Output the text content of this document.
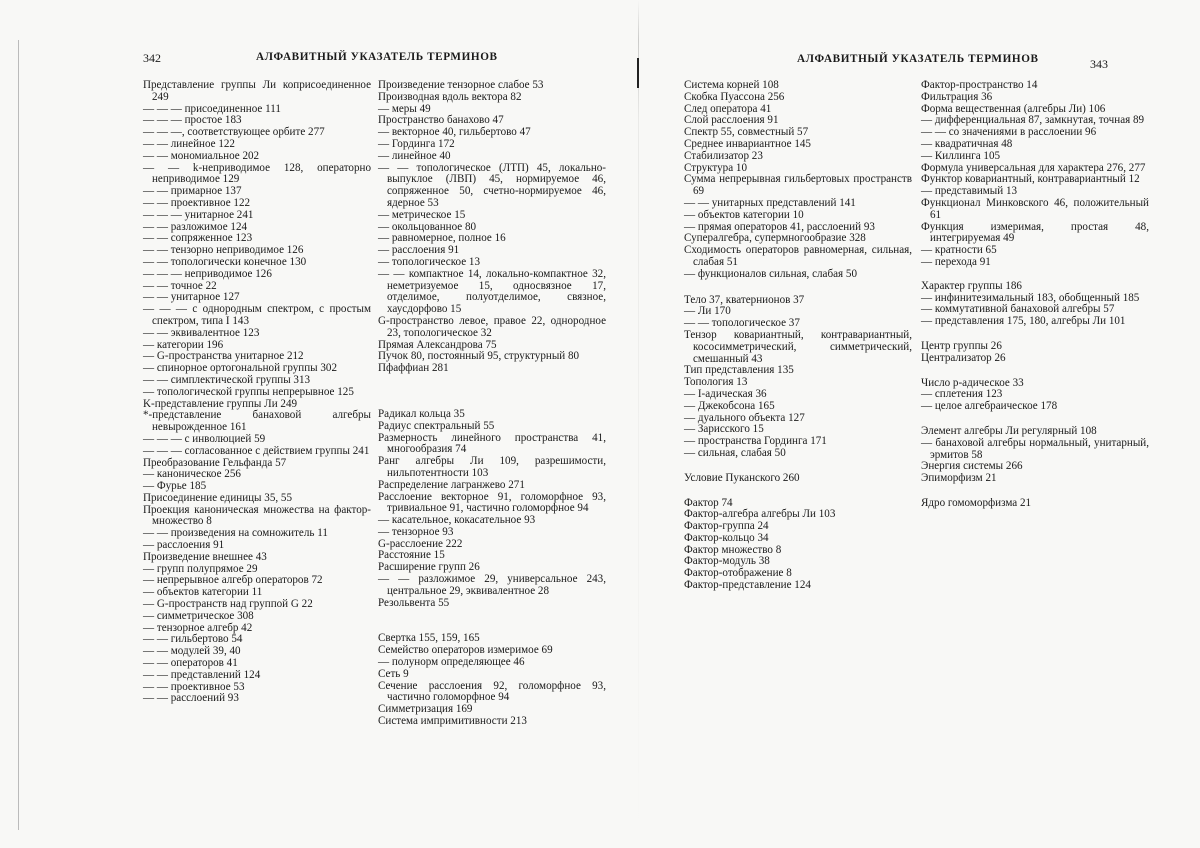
342	АЛФАВИТНЫЙ УКАЗАТЕЛЬ ТЕРМИНОВ	АЛФАВИТНЫЙ УКАЗАТЕЛЬ ТЕРМИНОВ	343
Представление группы Ли коприсоединенное 249
— — — присоединенное 111
— — — простое 183
— — —, соответствующее орбите 277
— — линейное 122
— — мономиальное 202
— — k-неприводимое 128, операторно неприводимое 129
— — примарное 137
— — проективное 122
— — — унитарное 241
— — разложимое 124
— — сопряженное 123
— — тензорно неприводимое 126
— — топологически конечное 130
— — — неприводимое 126
— — точное 22
— — унитарное 127
— — — с однородным спектром, с простым спектром, типа I 143
— — эквивалентное 123
— категории 196
— G-пространства унитарное 212
— спинорное ортогональной группы 302
— — симплектической группы 313
— топологической группы непрерывное 125
K-представление группы Ли 249
*-представление банаховой алгебры невырожденное 161
— — — с инволюцией 59
— — — согласованное с действием группы 241
Преобразование Гельфанда 57
— каноническое 256
— Фурье 185
Присоединение единицы 35, 55
Проекция каноническая множества на фактор-множество 8
— — произведения на сомножитель 11
— расслоения 91
Произведение внешнее 43
— групп полупрямое 29
— непрерывное алгебр операторов 72
— объектов категории 11
— G-пространств над группой G 22
— симметрическое 308
— тензорное алгебр 42
— — гильбертово 54
— — модулей 39, 40
— — операторов 41
— — представлений 124
— — проективное 53
— — расслоений 93
Произведение тензорное слабое 53
Производная вдоль вектора 82
— меры 49
Пространство банахово 47
— векторное 40, гильбертово 47
— Гординга 172
— линейное 40
— — топологическое (ЛТП) 45, локально-выпуклое (ЛВП) 45, нормируемое 46, сопряженное 50, счетно-нормируемое 46, ядерное 53
— метрическое 15
— окольцованное 80
— равномерное, полное 16
— расслоения 91
— топологическое 13
— — компактное 14, локально-компактное 32, неметризуемое 15, односвязное 17, отделимое, полуотделимое, связное, хаусдорфово 15
G-пространство левое, правое 22, однородное 23, топологическое 32
Прямая Александрова 75
Пучок 80, постоянный 95, структурный 80
Пфаффиан 281
Радикал кольца 35
Радиус спектральный 55
Размерность линейного пространства 41, многообразия 74
Ранг алгебры Ли 109, разрешимости, нильпотентности 103
Распределение лагранжево 271
Расслоение векторное 91, голоморфное 93, тривиальное 91, частично голоморфное 94
— касательное, кокасательное 93
— тензорное 93
G-расслоение 222
Расстояние 15
Расширение групп 26
— — разложимое 29, универсальное 243, центральное 29, эквивалентное 28
Резольвента 55
Свертка 155, 159, 165
Семейство операторов измеримое 69
— полунорм определяющее 46
Сеть 9
Сечение расслоения 92, голоморфное 93, частично голоморфное 94
Симметризация 169
Система импримитивности 213
Система корней 108
Скобка Пуассона 256
След оператора 41
Слой расслоения 91
Спектр 55, совместный 57
Среднее инвариантное 145
Стабилизатор 23
Структура 10
Сумма непрерывная гильбертовых пространств 69
— — унитарных представлений 141
— объектов категории 10
— прямая операторов 41, расслоений 93
Супералгебра, супермногообразие 328
Сходимость операторов равномерная, сильная, слабая 51
— функционалов сильная, слабая 50
Тело 37, кватернионов 37
— Ли 170
— — топологическое 37
Тензор ковариантный, контравариантный, кососимметрический, симметрический, смешанный 43
Тип представления 135
Топология 13
— I-адическая 36
— Джекобсона 165
— дуального объекта 127
— Зарисского 15
— пространства Гординга 171
— сильная, слабая 50
Условие Пуканского 260
Фактор 74
Фактор-алгебра алгебры Ли 103
Фактор-группа 24
Фактор-кольцо 34
Фактор множество 8
Фактор-модуль 38
Фактор-отображение 8
Фактор-представление 124
Фактор-пространство 14
Фильтрация 36
Форма вещественная (алгебры Ли) 106
— дифференциальная 87, замкнутая, точная 89
— — со значениями в расслоении 96
— квадратичная 48
— Киллинга 105
Формула универсальная для характера 276, 277
Функтор ковариантный, контравариантный 12
— представимый 13
Функционал Минковского 46, положительный 61
Функция измеримая, простая 48, интегрируемая 49
— кратности 65
— перехода 91
Характер группы 186
— инфинитезимальный 183, обобщенный 185
— коммутативной банаховой алгебры 57
— представления 175, 180, алгебры Ли 101
Центр группы 26
Централизатор 26
Число p-адическое 33
— сплетения 123
— целое алгебраическое 178
Элемент алгебры Ли регулярный 108
— банаховой алгебры нормальный, унитарный, эрмитов 58
Энергия системы 266
Эпиморфизм 21
Ядро гомоморфизма 21
